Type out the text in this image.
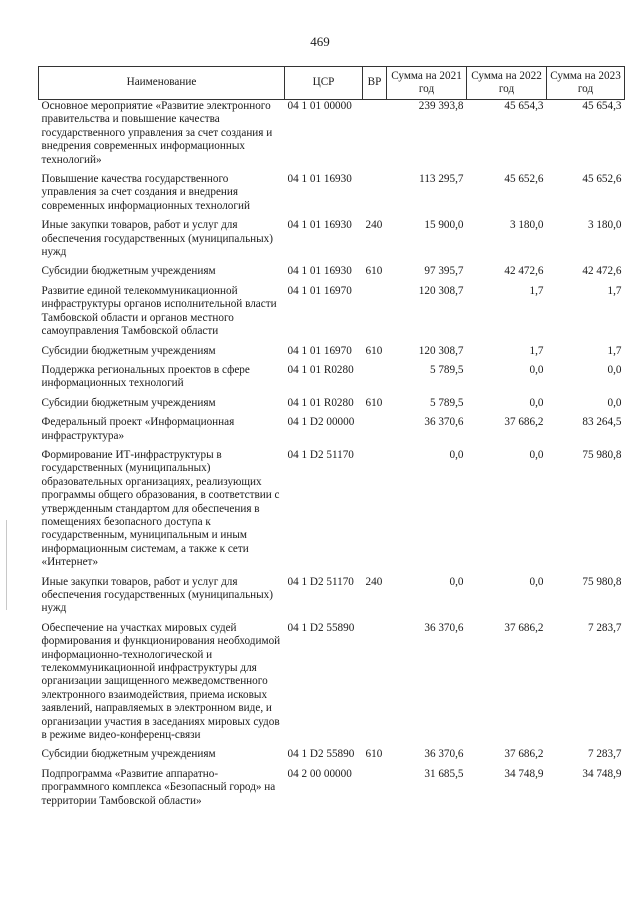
469
Наименование	ЦСР	ВР	Сумма на 2021 год	Сумма на 2022 год	Сумма на 2023 год
Основное мероприятие «Развитие электронного правительства и повышение качества государственного управления за счет создания и внедрения современных информационных технологий»	04 1 01 00000		239 393,8	45 654,3	45 654,3
Повышение качества государственного управления за счет создания и внедрения современных информационных технологий	04 1 01 16930		113 295,7	45 652,6	45 652,6
Иные закупки товаров, работ и услуг для обеспечения государственных (муниципальных) нужд	04 1 01 16930	240	15 900,0	3 180,0	3 180,0
Субсидии бюджетным учреждениям	04 1 01 16930	610	97 395,7	42 472,6	42 472,6
Развитие единой телекоммуникационной инфраструктуры органов исполнительной власти Тамбовской области и органов местного самоуправления Тамбовской области	04 1 01 16970		120 308,7	1,7	1,7
Субсидии бюджетным учреждениям	04 1 01 16970	610	120 308,7	1,7	1,7
Поддержка региональных проектов в сфере информационных технологий	04 1 01 R0280		5 789,5	0,0	0,0
Субсидии бюджетным учреждениям	04 1 01 R0280	610	5 789,5	0,0	0,0
Федеральный проект «Информационная инфраструктура»	04 1 D2 00000		36 370,6	37 686,2	83 264,5
Формирование ИТ-инфраструктуры в государственных (муниципальных) образовательных организациях, реализующих программы общего образования, в соответствии с утвержденным стандартом для обеспечения в помещениях безопасного доступа к государственным, муниципальным и иным информационным системам, а также к сети «Интернет»	04 1 D2 51170		0,0	0,0	75 980,8
Иные закупки товаров, работ и услуг для обеспечения государственных (муниципальных) нужд	04 1 D2 51170	240	0,0	0,0	75 980,8
Обеспечение на участках мировых судей формирования и функционирования необходимой информационно-технологической и телекоммуникационной инфраструктуры для организации защищенного межведомственного электронного взаимодействия, приема исковых заявлений, направляемых в электронном виде, и организации участия в заседаниях мировых судов в режиме видео-конференц-связи	04 1 D2 55890		36 370,6	37 686,2	7 283,7
Субсидии бюджетным учреждениям	04 1 D2 55890	610	36 370,6	37 686,2	7 283,7
Подпрограмма «Развитие аппаратно-программного комплекса «Безопасный город» на территории Тамбовской области»	04 2 00 00000		31 685,5	34 748,9	34 748,9
